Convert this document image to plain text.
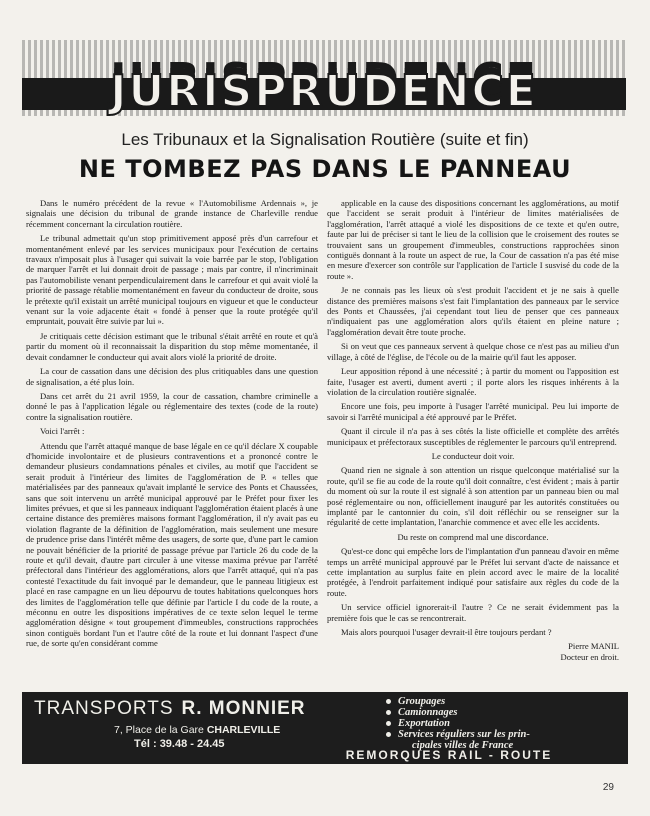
JURISPRUDENCE
Les Tribunaux et la Signalisation Routière (suite et fin)
NE TOMBEZ PAS DANS LE PANNEAU

Dans le numéro précédent de la revue « l'Automobilisme Ardennais », je signalais une décision du tribunal de grande instance de Charleville rendue récemment concernant la circulation routière.

Le tribunal admettait qu'un stop primitivement apposé près d'un carrefour et momentanément enlevé par les services municipaux pour l'exécution de certains travaux n'imposait plus à l'usager qui suivait la voie barrée par le stop, l'obligation de marquer l'arrêt et lui donnait droit de passage ; mais par contre, il n'incriminait pas l'automobiliste venant perpendiculairement dans le carrefour et qui avait violé la priorité de passage rétablie momentanément en faveur du conducteur de droite, sous le prétexte qu'il existait un arrêté municipal toujours en vigueur et que le conducteur venant sur la voie adjacente était « fondé à penser que la route protégée qu'il empruntait, pouvait être suivie par lui ».

Je critiquais cette décision estimant que le tribunal s'était arrêté en route et qu'à partir du moment où il reconnaissait la disparition du stop même momentanée, il devait condamner le conducteur qui avait alors violé la priorité de droite.

La cour de cassation dans une décision des plus critiquables dans une question de signalisation, a été plus loin.

Dans cet arrêt du 21 avril 1959, la cour de cassation, chambre criminelle a donné le pas à l'application légale ou réglementaire des textes (code de la route) contre la signalisation routière.

Voici l'arrêt :

Attendu que l'arrêt attaqué manque de base légale en ce qu'il déclare X coupable d'homicide involontaire et de plusieurs contraventions et a prononcé contre le demandeur plusieurs condamnations pénales et civiles, au motif que l'accident se serait produit à l'intérieur des limites de l'agglomération de P. « telles que matérialisées par des panneaux qu'avait implanté le service des Ponts et Chaussées, sans que soit intervenu un arrêté municipal approuvé par le Préfet pour fixer les limites prévues, et que si les panneaux indiquant l'agglomération étaient placés à une certaine distance des premières maisons formant l'agglomération, il n'y avait pas eu violation flagrante de la définition de l'agglomération, mais seulement une mesure de prudence prise dans l'intérêt même des usagers, de sorte que, d'une part le camion ne pouvait bénéficier de la priorité de passage prévue par l'article 26 du code de la route et qu'il devait, d'autre part circuler à une vitesse maxima prévue par l'arrêté préfectoral dans l'intérieur des agglomérations, alors que l'arrêt attaqué, qui n'a pas contesté l'exactitude du fait invoqué par le demandeur, que le panneau litigieux est placé en rase campagne en un lieu dépourvu de toutes habitations quelconques hors des limites de l'agglomération telle que définie par l'article I du code de la route, a méconnu en outre les dispositions impératives de ce texte selon lequel le terme agglomération désigne « tout groupement d'immeubles, constructions rapprochées sinon contiguës bordant l'un et l'autre côté de la route et lui donnant l'aspect d'une rue, de sorte qu'en considérant comme

applicable en la cause des dispositions concernant les agglomérations, au motif que l'accident se serait produit à l'intérieur de limites matérialisées de l'agglomération, l'arrêt attaqué a violé les dispositions de ce texte et qu'en outre, faute par lui de préciser si tant le lieu de la collision que le croisement des routes se trouvaient sans un groupement d'immeubles, constructions rapprochées sinon contiguës donnant à la route un aspect de rue, la Cour de cassation n'a pas été mise en mesure d'exercer son contrôle sur l'application de l'article I susvisé du code de la route ».

Je ne connais pas les lieux où s'est produit l'accident et je ne sais à quelle distance des premières maisons s'est fait l'implantation des panneaux par le service des Ponts et Chaussées, j'ai cependant tout lieu de penser que ces panneaux n'indiquaient pas une agglomération alors qu'ils étaient en pleine nature ; l'agglomération devait être toute proche.

Si on veut que ces panneaux servent à quelque chose ce n'est pas au milieu d'un village, à côté de l'église, de l'école ou de la mairie qu'il faut les apposer.

Leur apposition répond à une nécessité ; à partir du moment ou l'apposition est faite, l'usager est averti, dument averti ; il porte alors les risques inhérents à la violation de la circulation routière signalée.

Encore une fois, peu importe à l'usager l'arrêté municipal. Peu lui importe de savoir si l'arrêté municipal a été approuvé par le Préfet.

Quant il circule il n'a pas à ses côtés la liste officielle et complète des arrêtés municipaux et préfectoraux susceptibles de réglementer le parcours qu'il entreprend.

Le conducteur doit voir.

Quand rien ne signale à son attention un risque quelconque matérialisé sur la route, qu'il se fie au code de la route qu'il doit connaître, c'est évident ; mais à partir du moment où sur la route il est signalé à son attention par un panneau bien ou mal posé réglementaire ou non, officiellement inauguré par les autorités constituées ou implanté par le cantonnier du coin, s'il doit réfléchir ou se renseigner sur la régularité de cette implantation, l'anarchie commence et avec elle les accidents.

Du reste on comprend mal une discordance.

Qu'est-ce donc qui empêche lors de l'implantation d'un panneau d'avoir en même temps un arrêté municipal approuvé par le Préfet lui servant d'acte de naissance et cette implantation au surplus faite en plein accord avec le maire de la localité protégée, à l'endroit parfaitement indiqué pour satisfaire aux règles du code de la route.

Un service officiel ignorerait-il l'autre ? Ce ne serait évidemment pas la première fois que le cas se rencontrerait.

Mais alors pourquoi l'usager devrait-il être toujours perdant ?

Pierre MANIL

Docteur en droit.

TRANSPORTS R. MONNIER
7, Place de la Gare CHARLEVILLE
Tél : 39.48 - 24.45
Groupages
Camionnages
Exportation
Services réguliers sur les prin-
cipales villes de France
REMORQUES RAIL - ROUTE
29
